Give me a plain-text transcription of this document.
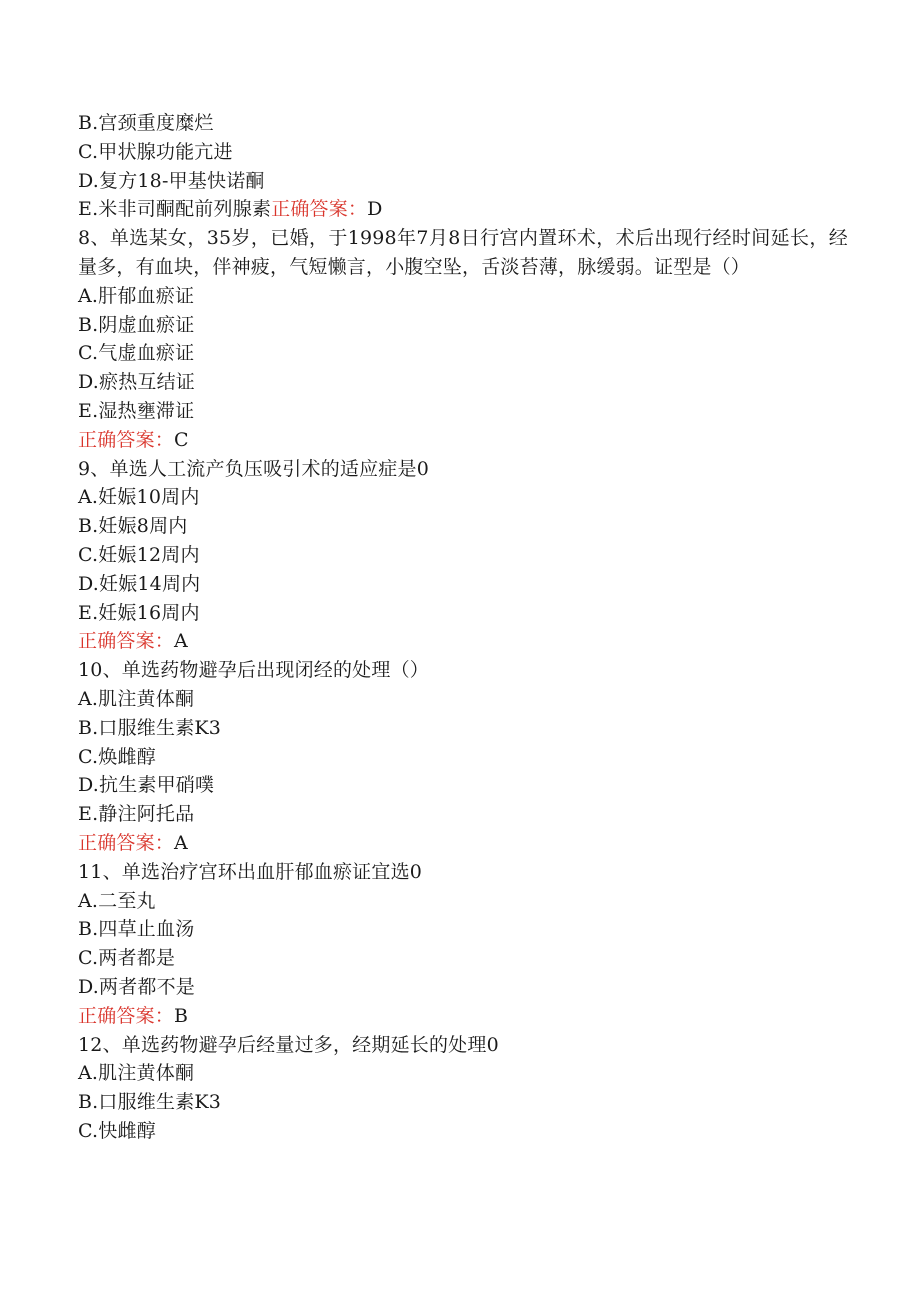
B.宫颈重度糜烂
C.甲状腺功能亢进
D.复方18-甲基快诺酮
E.米非司酮配前列腺素正确答案：D
8、单选某女，35岁，已婚，于1998年7月8日行宫内置环术，术后出现行经时间延长，经量多，有血块，伴神疲，气短懒言，小腹空坠，舌淡苔薄，脉缓弱。证型是（）
A.肝郁血瘀证
B.阴虚血瘀证
C.气虚血瘀证
D.瘀热互结证
E.湿热壅滞证
正确答案：C
9、单选人工流产负压吸引术的适应症是0
A.妊娠10周内
B.妊娠8周内
C.妊娠12周内
D.妊娠14周内
E.妊娠16周内
正确答案：A
10、单选药物避孕后出现闭经的处理（）
A.肌注黄体酮
B.口服维生素K3
C.焕雌醇
D.抗生素甲硝噗
E.静注阿托品
正确答案：A
11、单选治疗宫环出血肝郁血瘀证宜选0
A.二至丸
B.四草止血汤
C.两者都是
D.两者都不是
正确答案：B
12、单选药物避孕后经量过多，经期延长的处理0
A.肌注黄体酮
B.口服维生素K3
C.快雌醇
